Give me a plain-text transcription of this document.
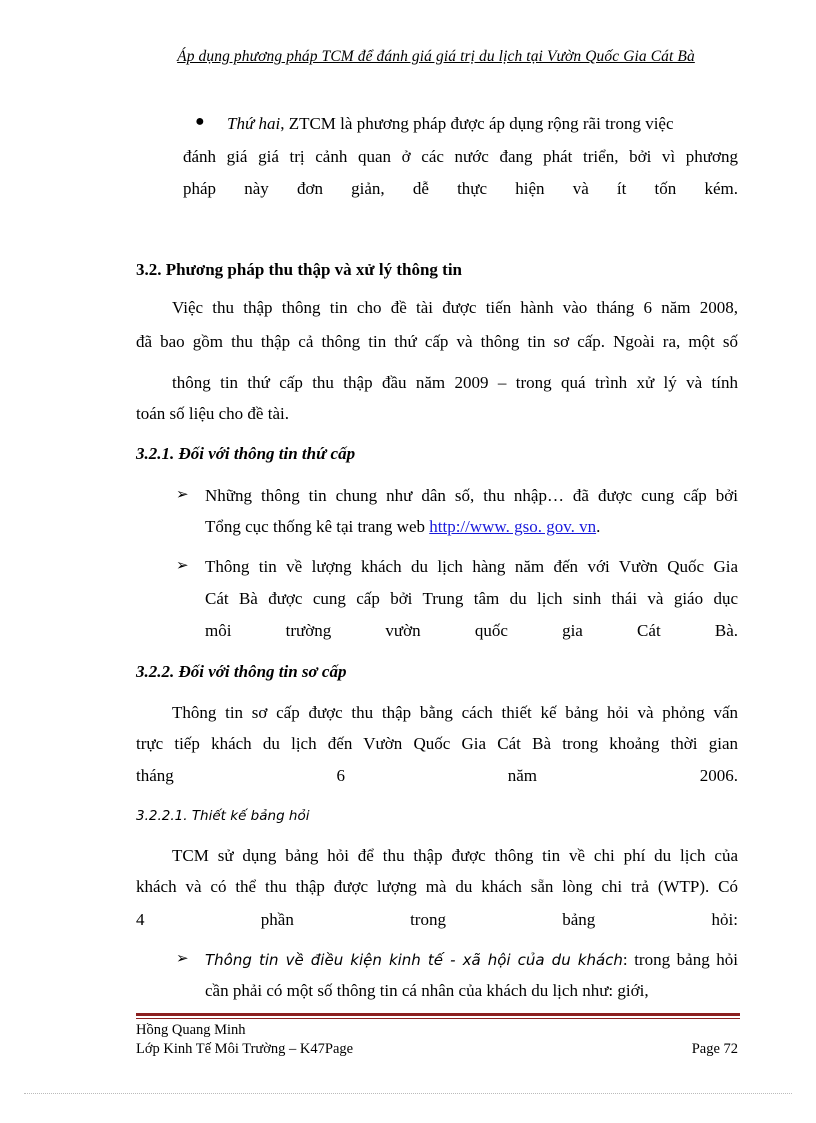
Áp dụng phương pháp TCM để đánh giá giá trị du lịch tại Vườn Quốc Gia Cát Bà
● Thứ hai, ZTCM là phương pháp được áp dụng rộng rãi trong việc
đánh giá giá trị cảnh quan ở các nước đang phát triển, bởi vì phương
pháp này đơn giản, dễ thực hiện và ít tốn kém.
3.2. Phương pháp thu thập và xử lý thông tin
Việc thu thập thông tin cho đề tài được tiến hành vào tháng 6 năm 2008,
đã bao gồm thu thập cả thông tin thứ cấp và thông tin sơ cấp. Ngoài ra, một số
thông tin thứ cấp thu thập đầu năm 2009 – trong quá trình xử lý và tính
toán số liệu cho đề tài.
3.2.1. Đối với thông tin thứ cấp
➢ Những thông tin chung như dân số, thu nhập… đã được cung cấp bởi
Tổng cục thống kê tại trang web http://www. gso. gov. vn.
➢ Thông tin về lượng khách du lịch hàng năm đến với Vườn Quốc Gia
Cát Bà được cung cấp bởi Trung tâm du lịch sinh thái và giáo dục
môi trường vườn quốc gia Cát Bà.
3.2.2. Đối với thông tin sơ cấp
Thông tin sơ cấp được thu thập bằng cách thiết kế bảng hỏi và phỏng vấn
trực tiếp khách du lịch đến Vườn Quốc Gia Cát Bà trong khoảng thời gian
tháng 6 năm 2006.
3.2.2.1. Thiết kế bảng hỏi
TCM sử dụng bảng hỏi để thu thập được thông tin về chi phí du lịch của
khách và có thể thu thập được lượng mà du khách sẵn lòng chi trả (WTP). Có
4 phần trong bảng hỏi:
➢ Thông tin về điều kiện kinh tế - xã hội của du khách: trong bảng hỏi
cần phải có một số thông tin cá nhân của khách du lịch như: giới,
Hồng Quang Minh
Lớp Kinh Tế Môi Trường – K47Page	Page 72
